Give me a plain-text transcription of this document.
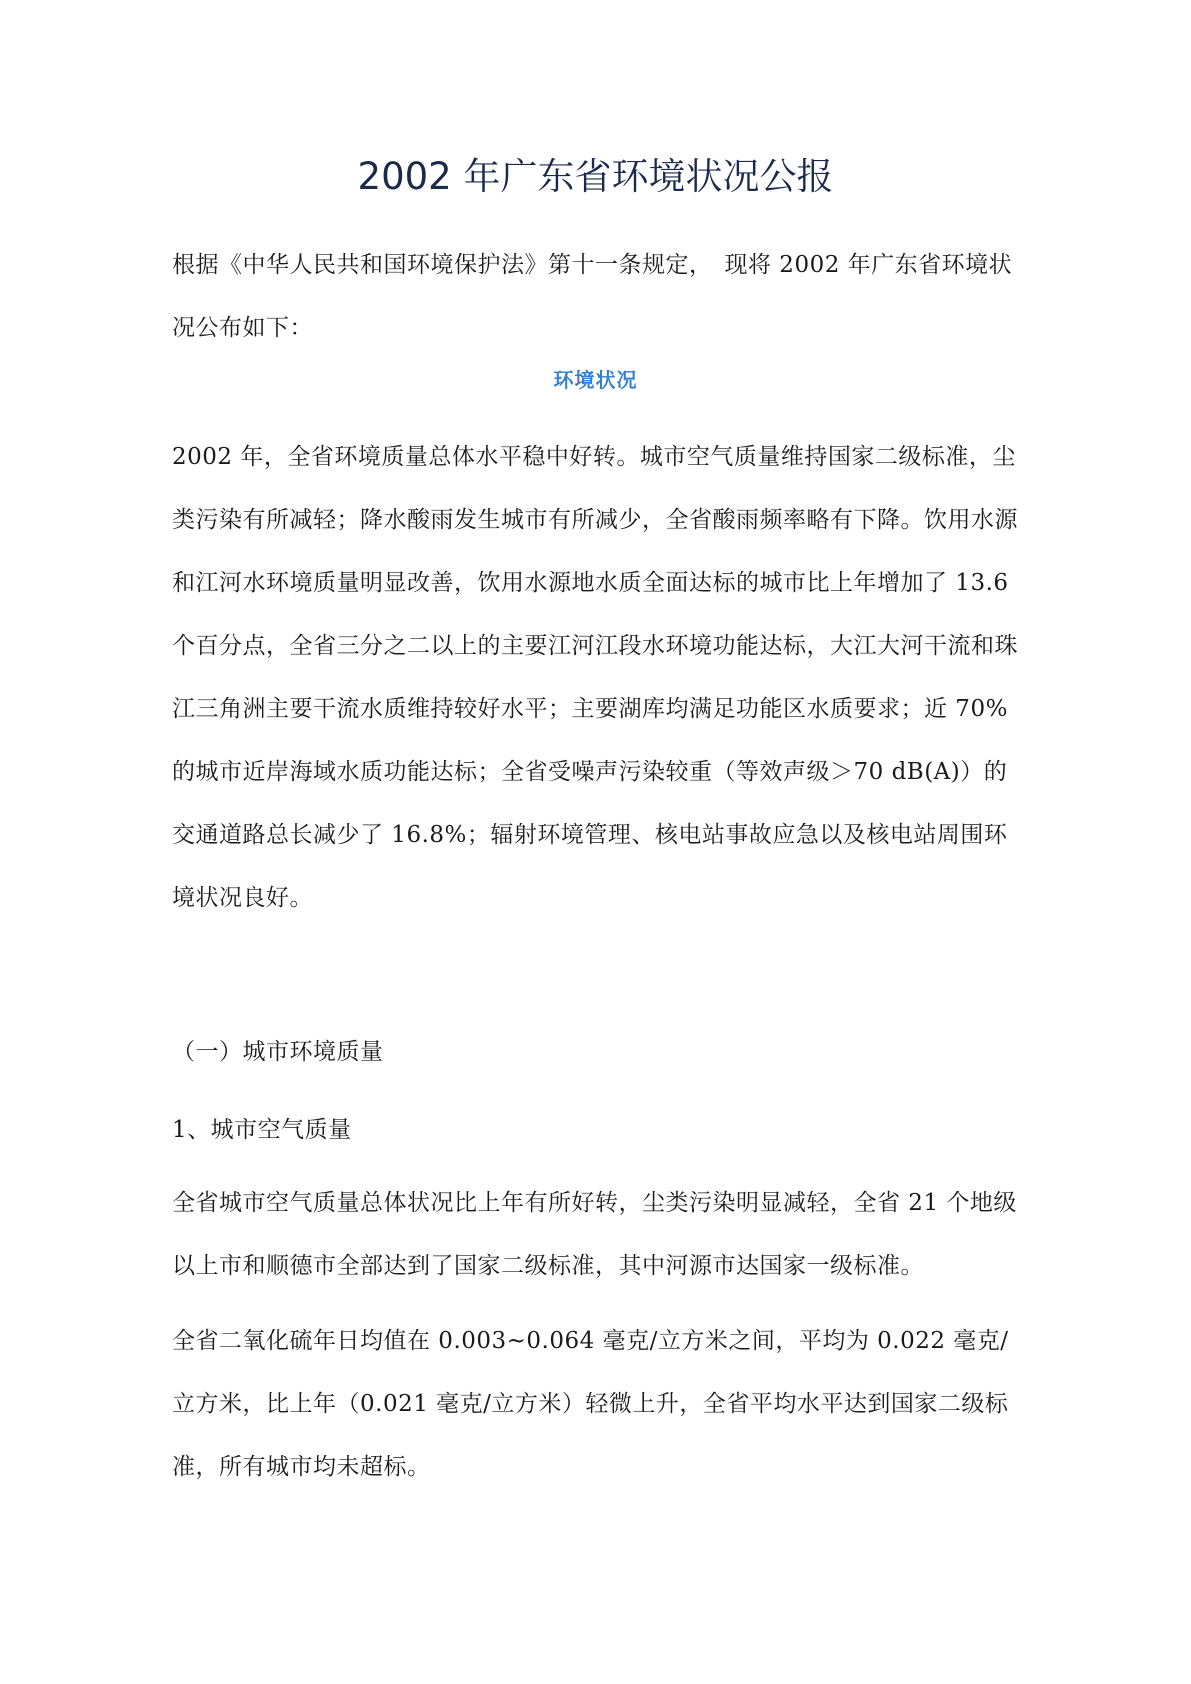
2002 年广东省环境状况公报
根据《中华人民共和国环境保护法》第十一条规定，　现将 2002 年广东省环境状况公布如下：
环境状况
2002 年，全省环境质量总体水平稳中好转。城市空气质量维持国家二级标准，尘类污染有所减轻；降水酸雨发生城市有所减少，全省酸雨频率略有下降。饮用水源和江河水环境质量明显改善，饮用水源地水质全面达标的城市比上年增加了 13.6 个百分点，全省三分之二以上的主要江河江段水环境功能达标，大江大河干流和珠江三角洲主要干流水质维持较好水平；主要湖库均满足功能区水质要求；近 70%的城市近岸海域水质功能达标；全省受噪声污染较重（等效声级＞70 dB(A)）的交通道路总长减少了 16.8%；辐射环境管理、核电站事故应急以及核电站周围环境状况良好。
（一）城市环境质量
1、城市空气质量
全省城市空气质量总体状况比上年有所好转，尘类污染明显减轻，全省 21 个地级以上市和顺德市全部达到了国家二级标准，其中河源市达国家一级标准。
全省二氧化硫年日均值在 0.003~0.064 毫克/立方米之间，平均为 0.022 毫克/立方米，比上年（0.021 毫克/立方米）轻微上升，全省平均水平达到国家二级标准，所有城市均未超标。
